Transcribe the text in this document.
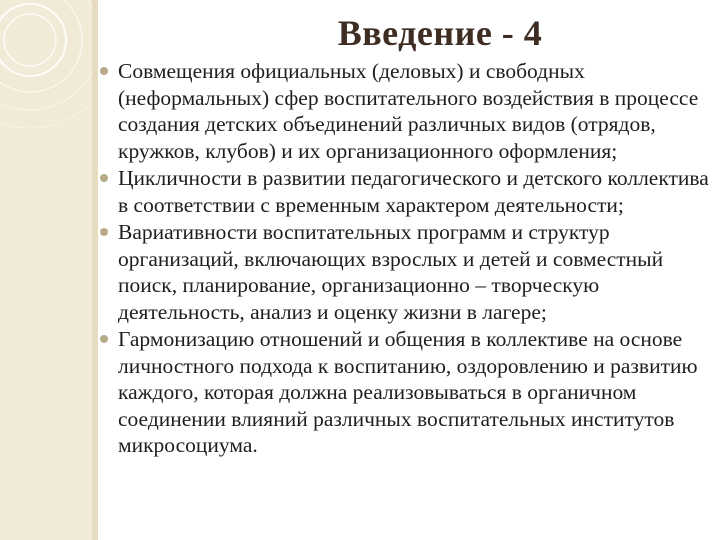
Введение - 4
Совмещения официальных (деловых) и свободных (неформальных) сфер воспитательного воздействия в процессе создания детских объединений различных видов (отрядов, кружков, клубов) и их организационного оформления;
Цикличности в развитии педагогического и детского коллектива в соответствии с временным характером деятельности;
Вариативности воспитательных программ и структур организаций, включающих взрослых и детей и совместный поиск, планирование, организационно – творческую деятельность, анализ и оценку жизни в лагере;
Гармонизацию отношений и общения в коллективе на основе личностного подхода к воспитанию, оздоровлению и развитию каждого, которая должна реализовываться в органичном соединении влияний различных воспитательных институтов микросоциума.
